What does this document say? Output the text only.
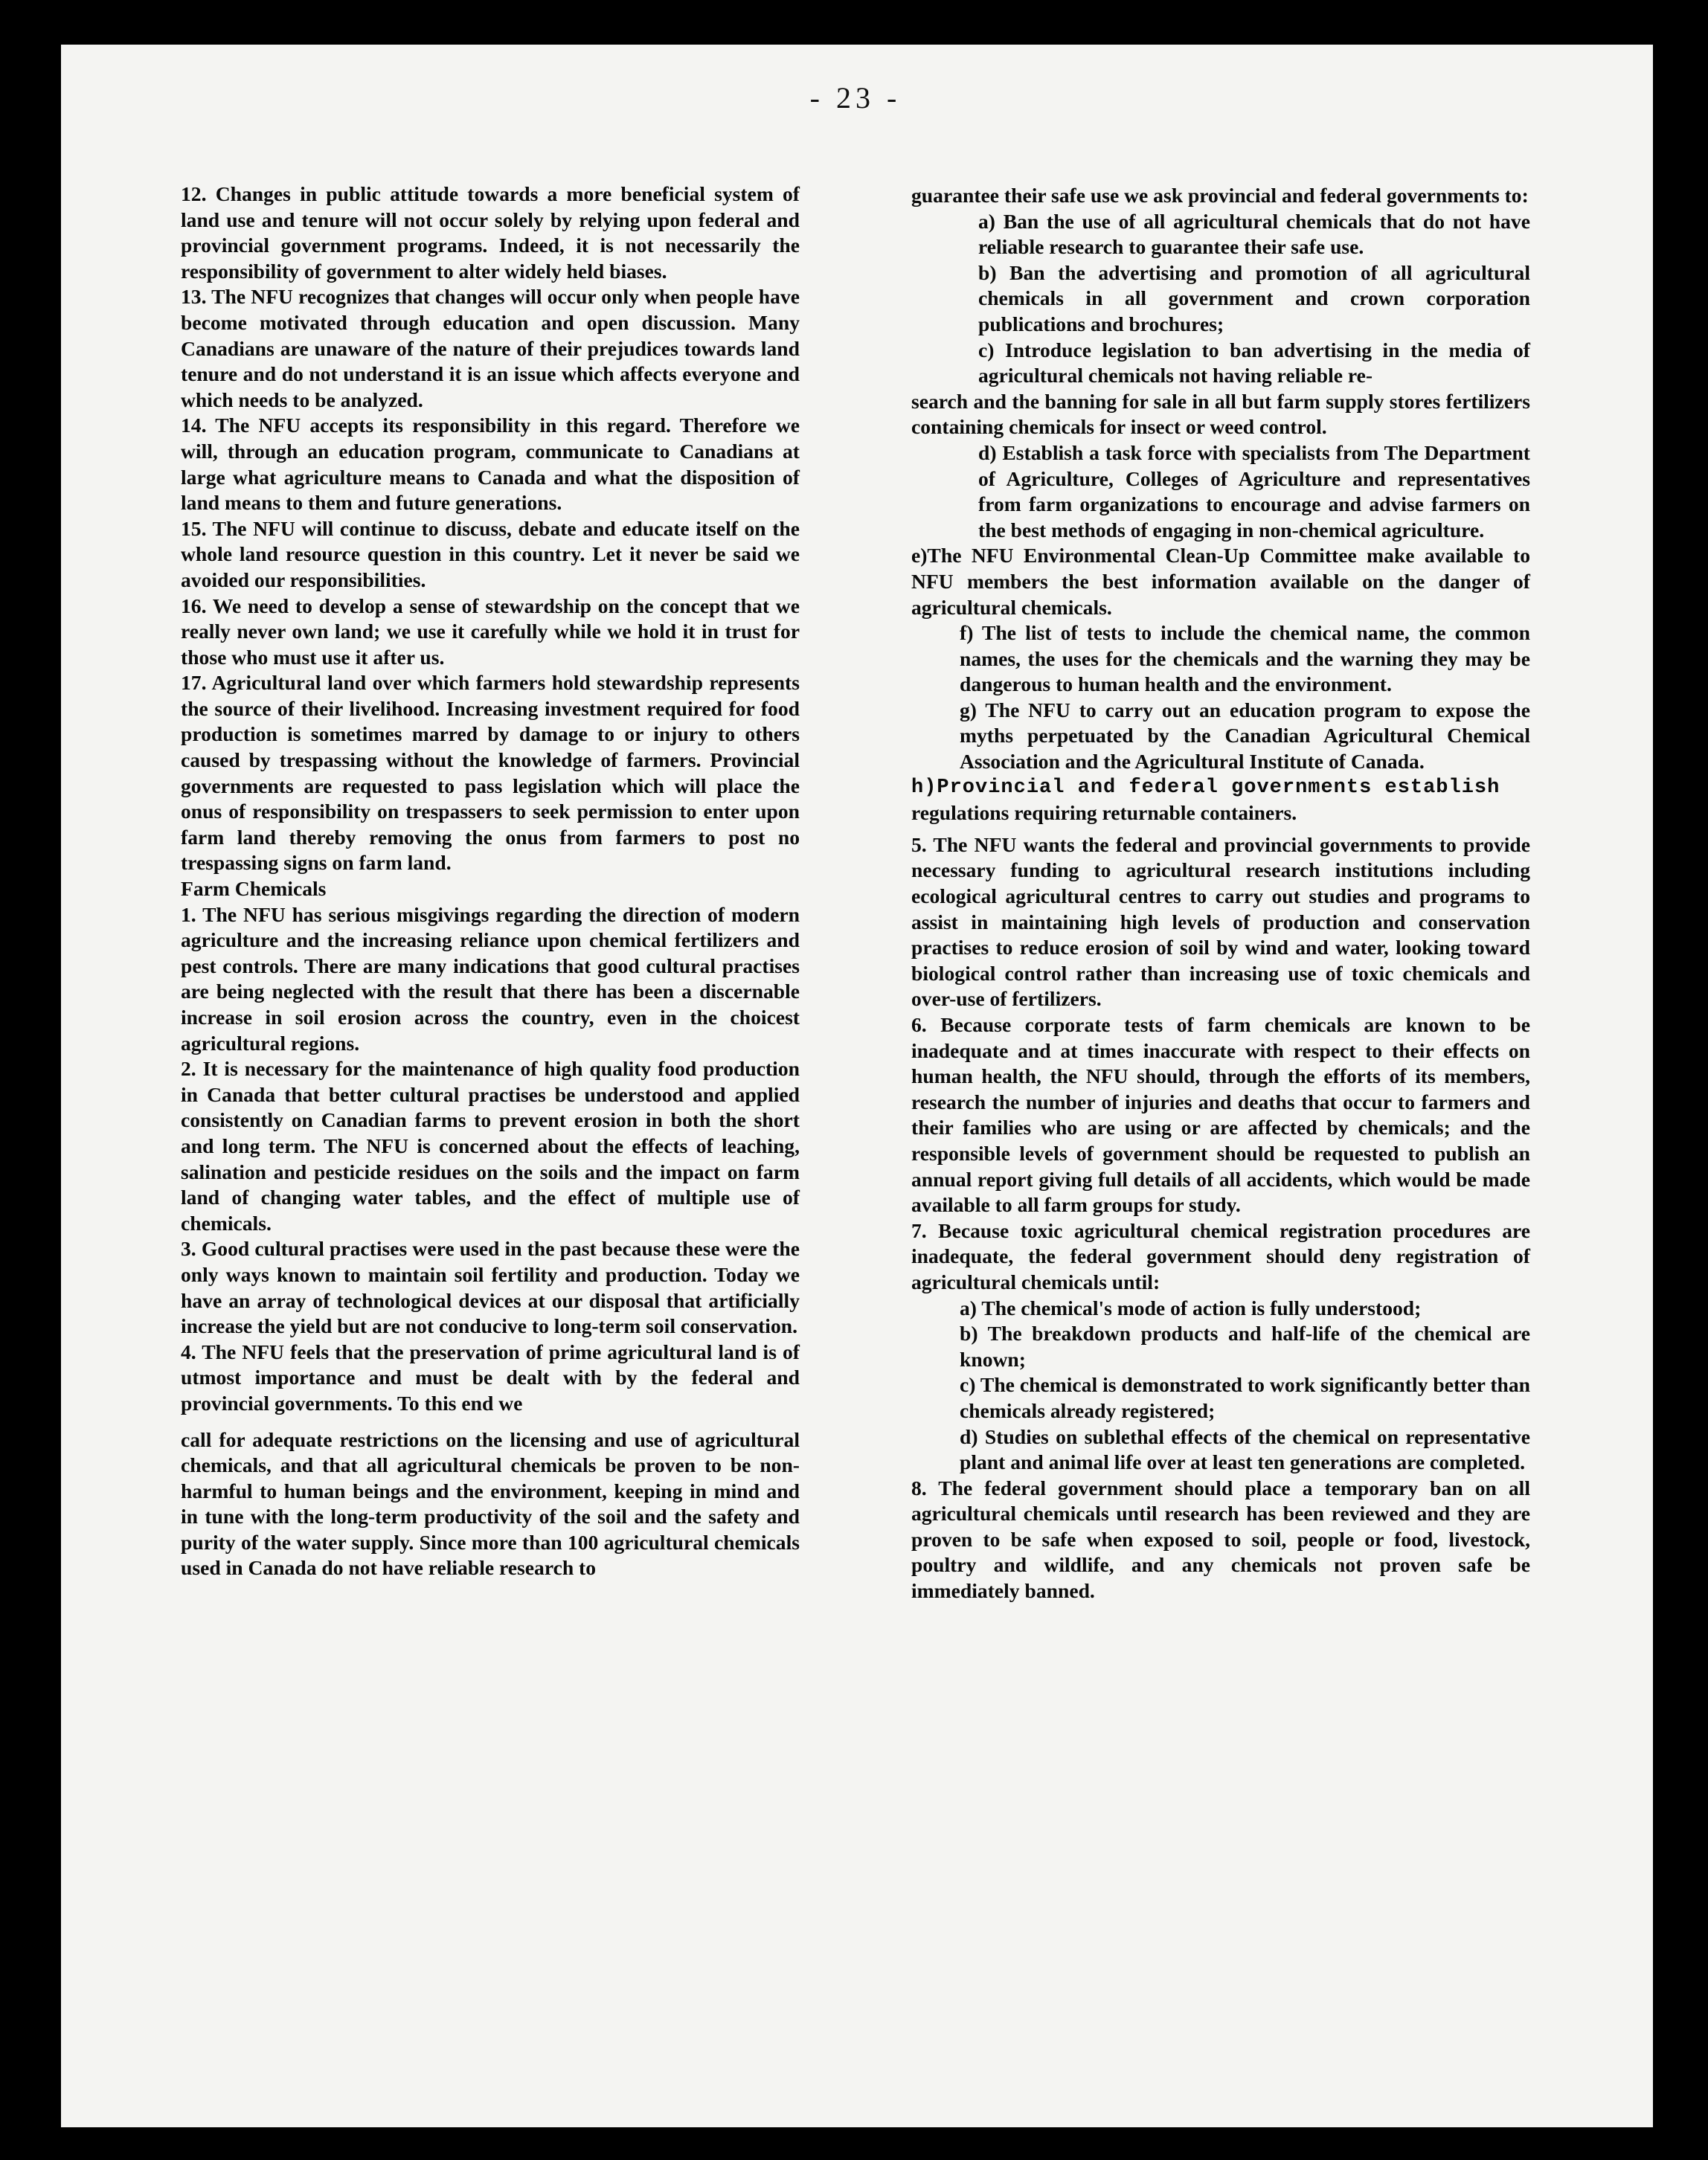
- 23 -

12. Changes in public attitude towards a more beneficial system of land use and tenure will not occur solely by relying upon federal and provincial government programs. Indeed, it is not necessarily the responsibility of government to alter widely held biases.

13. The NFU recognizes that changes will occur only when people have become motivated through education and open discussion. Many Canadians are unaware of the nature of their prejudices towards land tenure and do not understand it is an issue which affects everyone and which needs to be analyzed.

14. The NFU accepts its responsibility in this regard. Therefore we will, through an education program, communicate to Canadians at large what agriculture means to Canada and what the disposition of land means to them and future generations.

15. The NFU will continue to discuss, debate and educate itself on the whole land resource question in this country. Let it never be said we avoided our responsibilities.

16. We need to develop a sense of stewardship on the concept that we really never own land; we use it carefully while we hold it in trust for those who must use it after us.

17. Agricultural land over which farmers hold stewardship represents the source of their livelihood. Increasing investment required for food production is sometimes marred by damage to or injury to others caused by trespassing without the knowledge of farmers. Provincial governments are requested to pass legislation which will place the onus of responsibility on trespassers to seek permission to enter upon farm land thereby removing the onus from farmers to post no trespassing signs on farm land.

Farm Chemicals

1. The NFU has serious misgivings regarding the direction of modern agriculture and the increasing reliance upon chemical fertilizers and pest controls. There are many indications that good cultural practises are being neglected with the result that there has been a discernable increase in soil erosion across the country, even in the choicest agricultural regions.

2. It is necessary for the maintenance of high quality food production in Canada that better cultural practises be understood and applied consistently on Canadian farms to prevent erosion in both the short and long term. The NFU is concerned about the effects of leaching, salination and pesticide residues on the soils and the impact on farm land of changing water tables, and the effect of multiple use of chemicals.

3. Good cultural practises were used in the past because these were the only ways known to maintain soil fertility and production. Today we have an array of technological devices at our disposal that artificially increase the yield but are not conducive to long-term soil conservation.

4. The NFU feels that the preservation of prime agricultural land is of utmost importance and must be dealt with by the federal and provincial governments. To this end we

call for adequate restrictions on the licensing and use of agricultural chemicals, and that all agricultural chemicals be proven to be non-harmful to human beings and the environment, keeping in mind and in tune with the long-term productivity of the soil and the safety and purity of the water supply. Since more than 100 agricultural chemicals used in Canada do not have reliable research to

guarantee their safe use we ask provincial and federal governments to:

a) Ban the use of all agricultural chemicals that do not have reliable research to guarantee their safe use.

b) Ban the advertising and promotion of all agricultural chemicals in all government and crown corporation publications and brochures;

c) Introduce legislation to ban advertising in the media of agricultural chemicals not having reliable re-

search and the banning for sale in all but farm supply stores fertilizers containing chemicals for insect or weed control.

d) Establish a task force with specialists from The Department of Agriculture, Colleges of Agriculture and representatives from farm organizations to encourage and advise farmers on the best methods of engaging in non-chemical agriculture.

e)The NFU Environmental Clean-Up Committee make available to NFU members the best information available on the danger of agricultural chemicals.

f) The list of tests to include the chemical name, the common names, the uses for the chemicals and the warning they may be dangerous to human health and the environment.

g) The NFU to carry out an education program to expose the myths perpetuated by the Canadian Agricultural Chemical Association and the Agricultural Institute of Canada.

h)Provincial and federal governments establish

regulations requiring returnable containers.

5. The NFU wants the federal and provincial governments to provide necessary funding to agricultural research institutions including ecological agricultural centres to carry out studies and programs to assist in maintaining high levels of production and conservation practises to reduce erosion of soil by wind and water, looking toward biological control rather than increasing use of toxic chemicals and over-use of fertilizers.

6. Because corporate tests of farm chemicals are known to be inadequate and at times inaccurate with respect to their effects on human health, the NFU should, through the efforts of its members, research the number of injuries and deaths that occur to farmers and their families who are using or are affected by chemicals; and the responsible levels of government should be requested to publish an annual report giving full details of all accidents, which would be made available to all farm groups for study.

7. Because toxic agricultural chemical registration procedures are inadequate, the federal government should deny registration of agricultural chemicals until:

a) The chemical's mode of action is fully understood;

b) The breakdown products and half-life of the chemical are known;

c) The chemical is demonstrated to work significantly better than chemicals already registered;

d) Studies on sublethal effects of the chemical on representative plant and animal life over at least ten generations are completed.

8. The federal government should place a temporary ban on all agricultural chemicals until research has been reviewed and they are proven to be safe when exposed to soil, people or food, livestock, poultry and wildlife, and any chemicals not proven safe be immediately banned.
